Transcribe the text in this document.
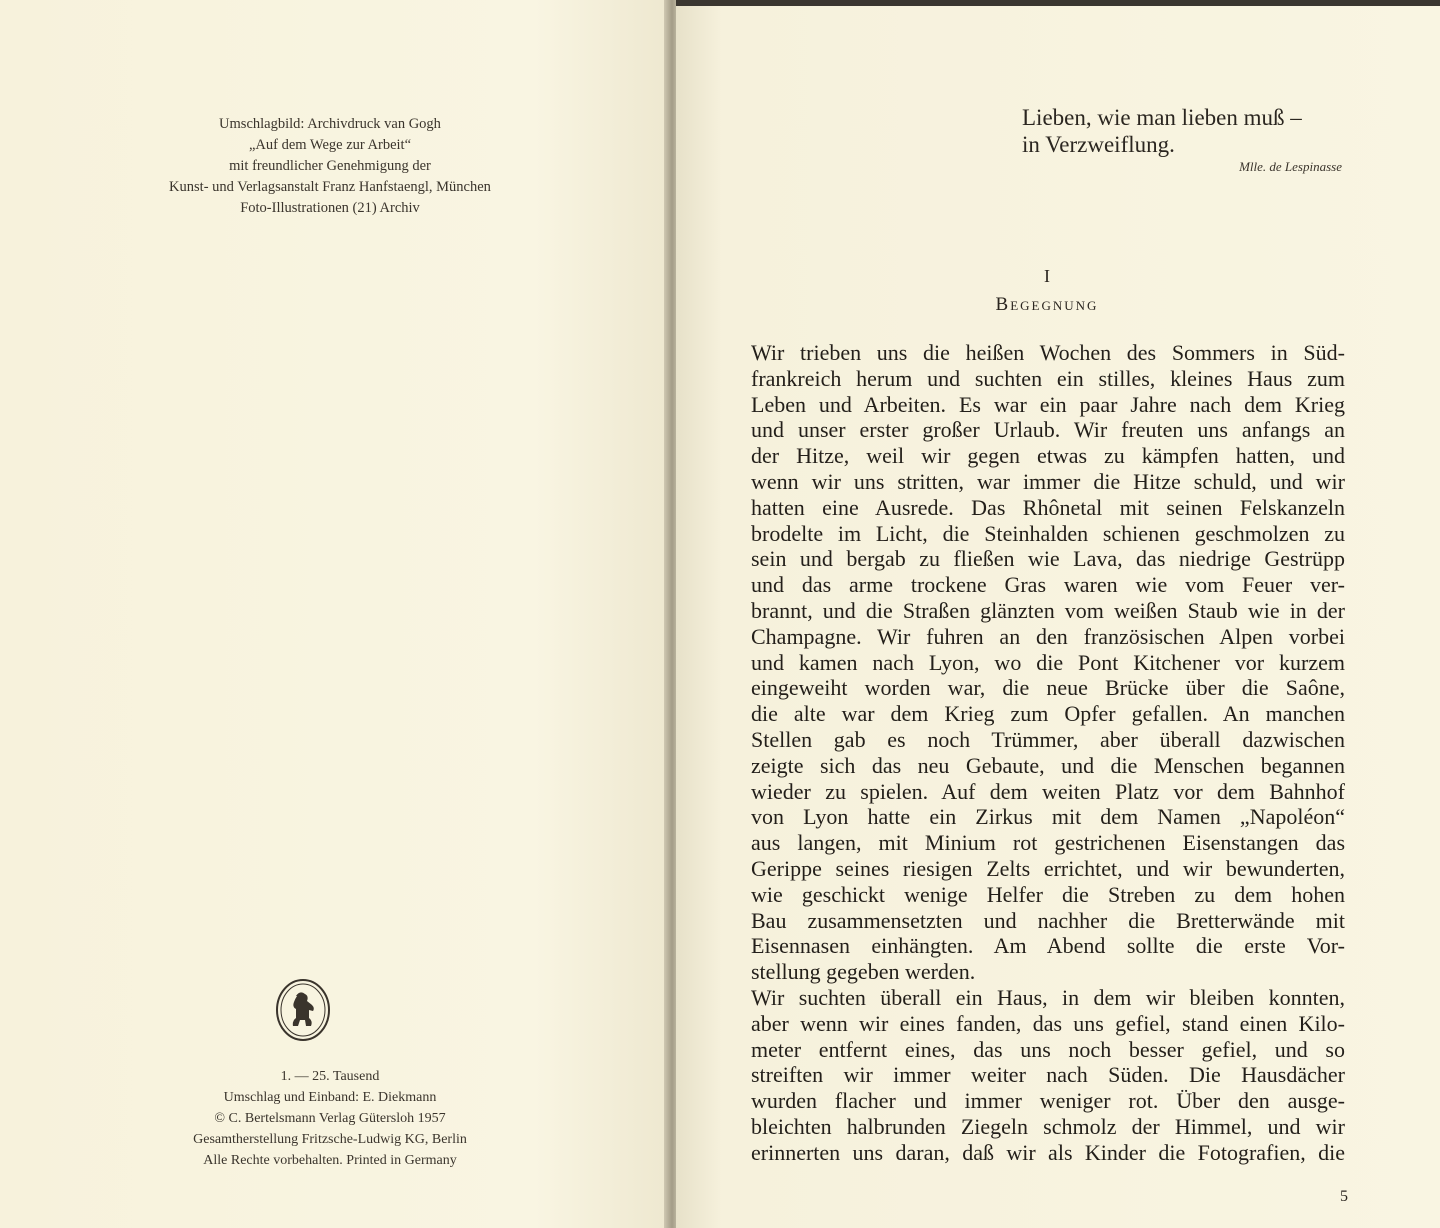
Umschlagbild: Archivdruck van Gogh
„Auf dem Wege zur Arbeit“
mit freundlicher Genehmigung der
Kunst- und Verlagsanstalt Franz Hanfstaengl, München
Foto-Illustrationen (21) Archiv
1. — 25. Tausend
Umschlag und Einband: E. Diekmann
© C. Bertelsmann Verlag Gütersloh 1957
Gesamtherstellung Fritzsche-Ludwig KG, Berlin
Alle Rechte vorbehalten. Printed in Germany
Lieben, wie man lieben muß –
in Verzweiflung.
Mlle. de Lespinasse
I
Begegnung
Wir trieben uns die heißen Wochen des Sommers in Süd-
frankreich herum und suchten ein stilles, kleines Haus zum
Leben und Arbeiten. Es war ein paar Jahre nach dem Krieg
und unser erster großer Urlaub. Wir freuten uns anfangs an
der Hitze, weil wir gegen etwas zu kämpfen hatten, und
wenn wir uns stritten, war immer die Hitze schuld, und wir
hatten eine Ausrede. Das Rhônetal mit seinen Felskanzeln
brodelte im Licht, die Steinhalden schienen geschmolzen zu
sein und bergab zu fließen wie Lava, das niedrige Gestrüpp
und das arme trockene Gras waren wie vom Feuer ver-
brannt, und die Straßen glänzten vom weißen Staub wie in der
Champagne. Wir fuhren an den französischen Alpen vorbei
und kamen nach Lyon, wo die Pont Kitchener vor kurzem
eingeweiht worden war, die neue Brücke über die Saône,
die alte war dem Krieg zum Opfer gefallen. An manchen
Stellen gab es noch Trümmer, aber überall dazwischen
zeigte sich das neu Gebaute, und die Menschen begannen
wieder zu spielen. Auf dem weiten Platz vor dem Bahnhof
von Lyon hatte ein Zirkus mit dem Namen „Napoléon“
aus langen, mit Minium rot gestrichenen Eisenstangen das
Gerippe seines riesigen Zelts errichtet, und wir bewunderten,
wie geschickt wenige Helfer die Streben zu dem hohen
Bau zusammensetzten und nachher die Bretterwände mit
Eisennasen einhängten. Am Abend sollte die erste Vor-
stellung gegeben werden.
Wir suchten überall ein Haus, in dem wir bleiben konnten,
aber wenn wir eines fanden, das uns gefiel, stand einen Kilo-
meter entfernt eines, das uns noch besser gefiel, und so
streiften wir immer weiter nach Süden. Die Hausdächer
wurden flacher und immer weniger rot. Über den ausge-
bleichten halbrunden Ziegeln schmolz der Himmel, und wir
erinnerten uns daran, daß wir als Kinder die Fotografien, die
5
